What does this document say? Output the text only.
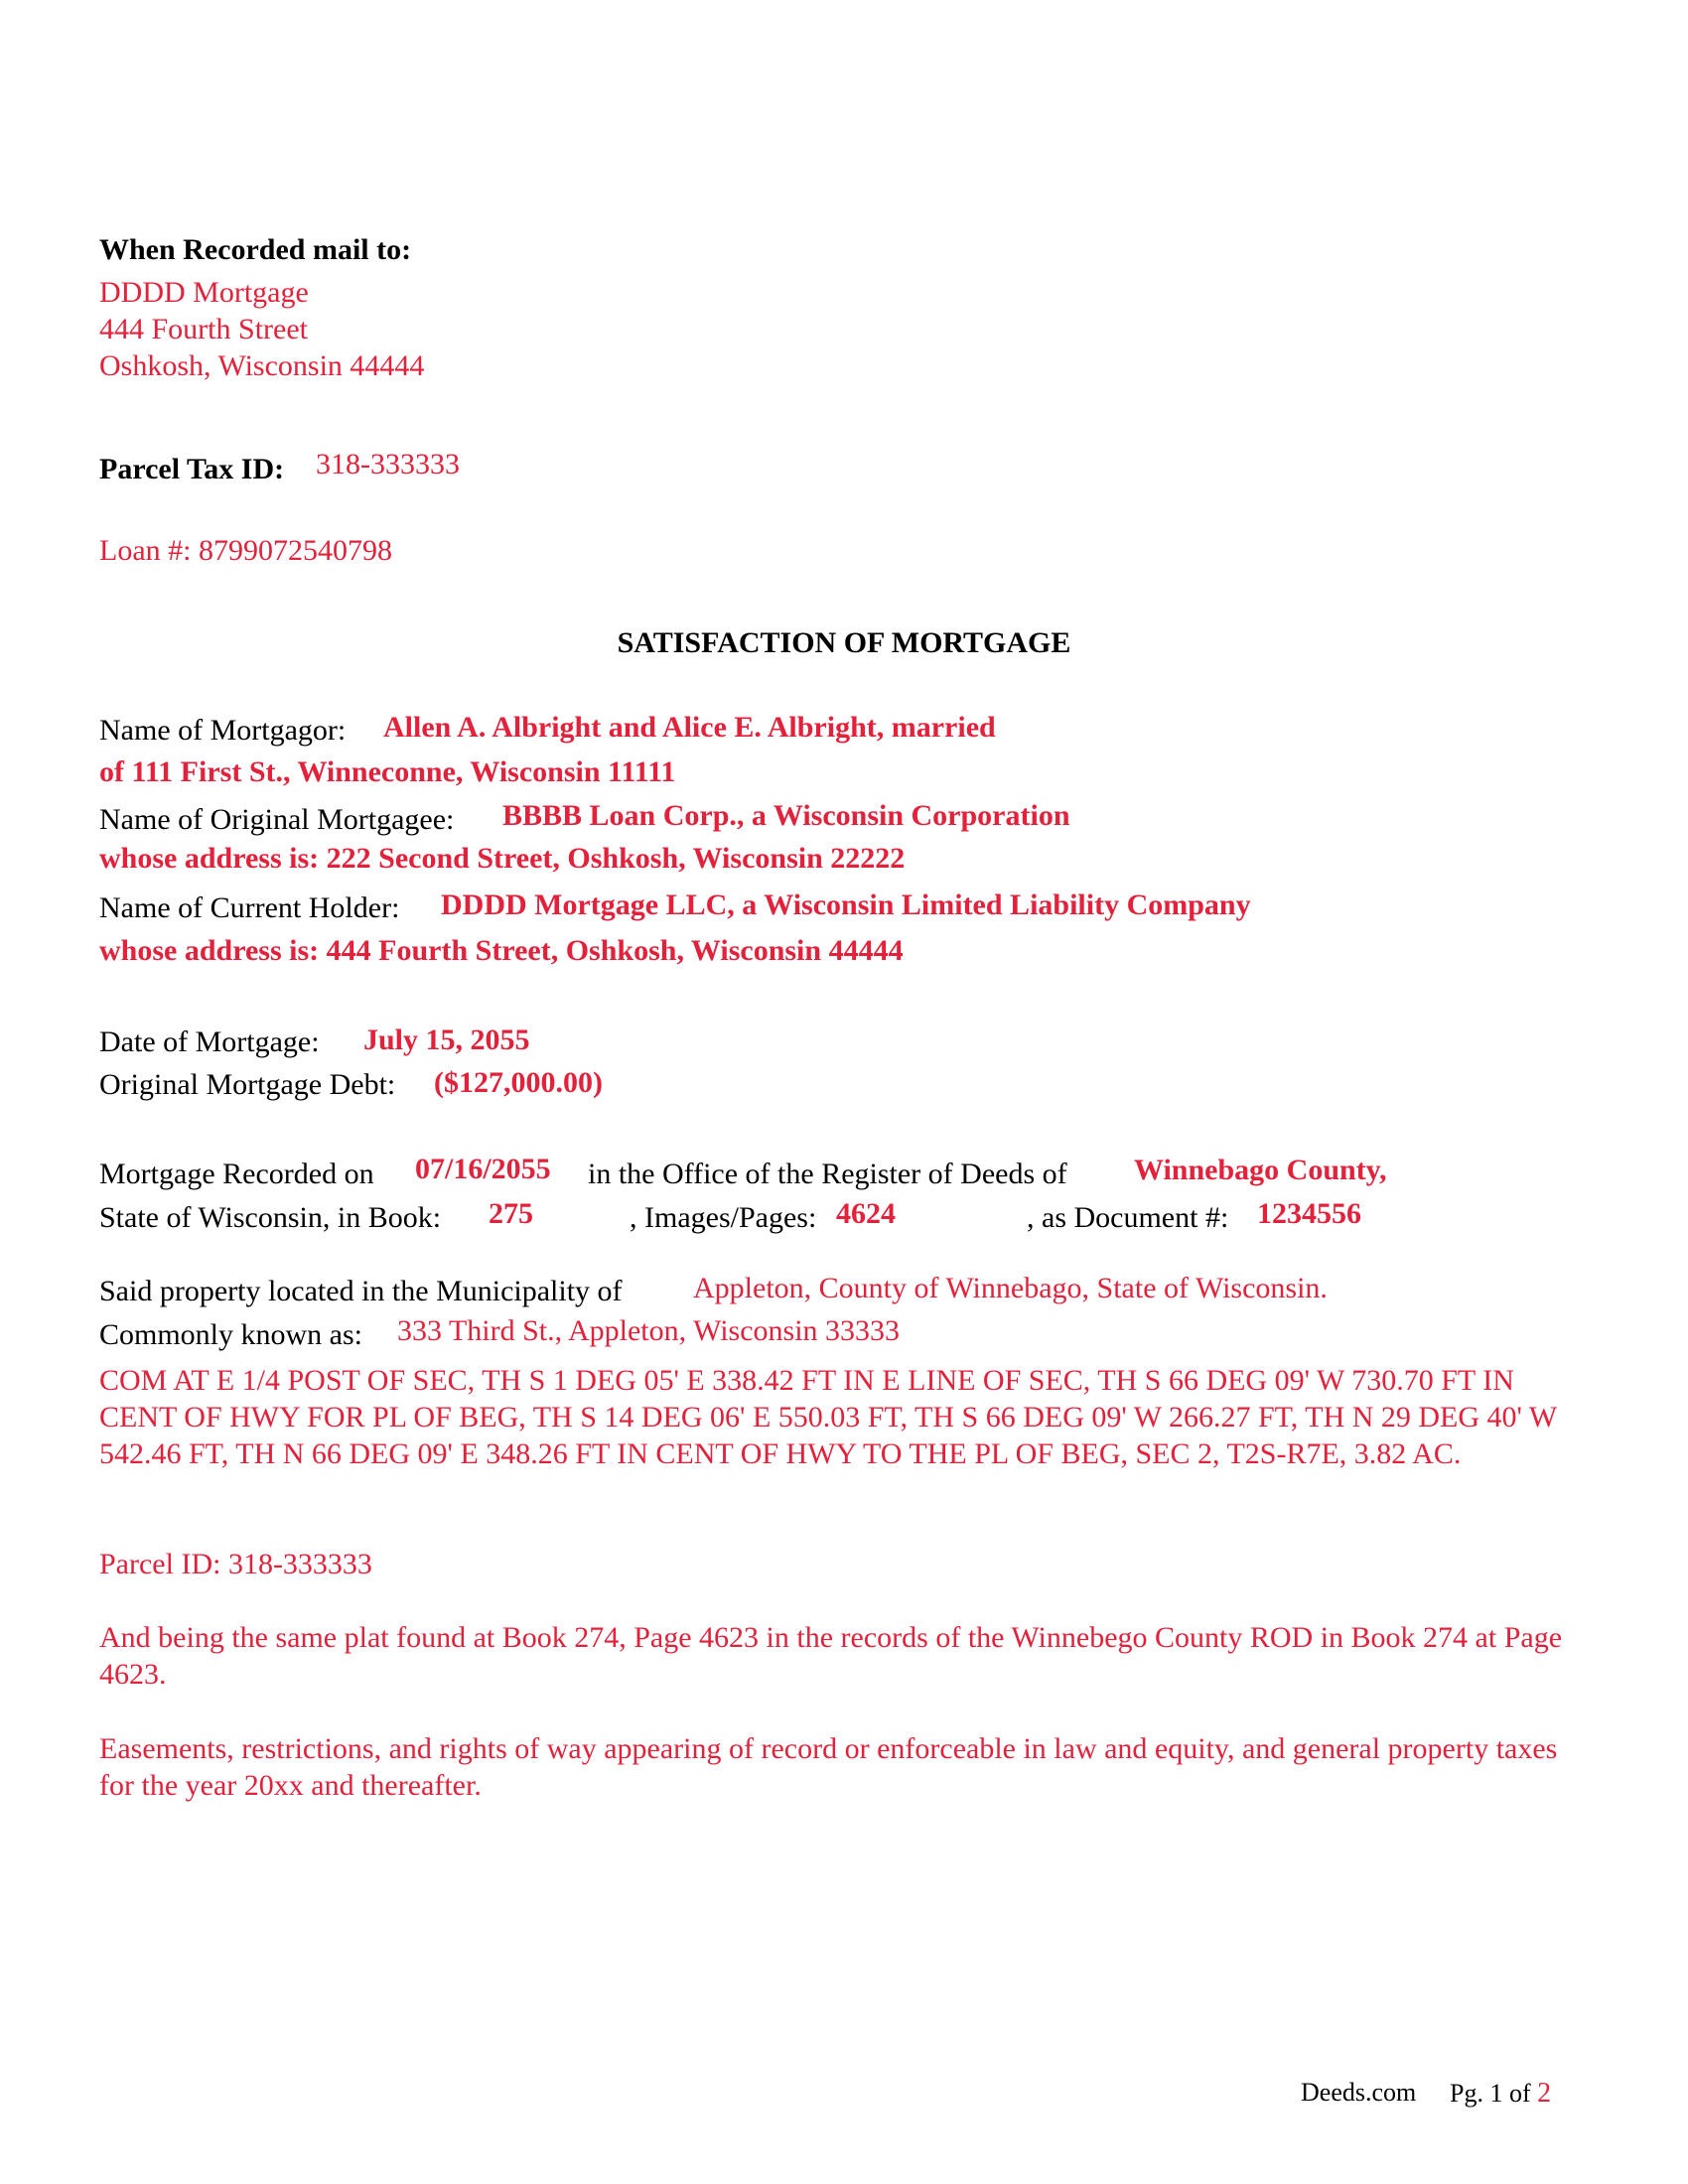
When Recorded mail to:
DDDD Mortgage
444 Fourth Street
Oshkosh, Wisconsin 44444
Parcel Tax ID: 318-333333
Loan #: 8799072540798
SATISFACTION OF MORTGAGE
Name of Mortgagor: Allen A. Albright and Alice E. Albright, married
of 111 First St., Winneconne, Wisconsin 11111
Name of Original Mortgagee: BBBB Loan Corp., a Wisconsin Corporation
whose address is: 222 Second Street, Oshkosh, Wisconsin 22222
Name of Current Holder: DDDD Mortgage LLC, a Wisconsin Limited Liability Company
whose address is: 444 Fourth Street, Oshkosh, Wisconsin 44444
Date of Mortgage: July 15, 2055
Original Mortgage Debt: ($127,000.00)
Mortgage Recorded on 07/16/2055 in the Office of the Register of Deeds of Winnebago County,
State of Wisconsin, in Book: 275	, Images/Pages: 4624	, as Document #: 1234556
Said property located in the Municipality of Appleton, County of Winnebago, State of Wisconsin.
Commonly known as: 333 Third St., Appleton, Wisconsin 33333
COM AT E 1/4 POST OF SEC, TH S 1 DEG 05' E 338.42 FT IN E LINE OF SEC, TH S 66 DEG 09' W 730.70 FT IN CENT OF HWY FOR PL OF BEG, TH S 14 DEG 06' E 550.03 FT, TH S 66 DEG 09' W 266.27 FT, TH N 29 DEG 40' W 542.46 FT, TH N 66 DEG 09' E 348.26 FT IN CENT OF HWY TO THE PL OF BEG, SEC 2, T2S-R7E, 3.82 AC.
Parcel ID: 318-333333
And being the same plat found at Book 274, Page 4623 in the records of the Winnebego County ROD in Book 274 at Page 4623.
Easements, restrictions, and rights of way appearing of record or enforceable in law and equity, and general property taxes for the year 20xx and thereafter.
Deeds.com Pg. 1 of 2
